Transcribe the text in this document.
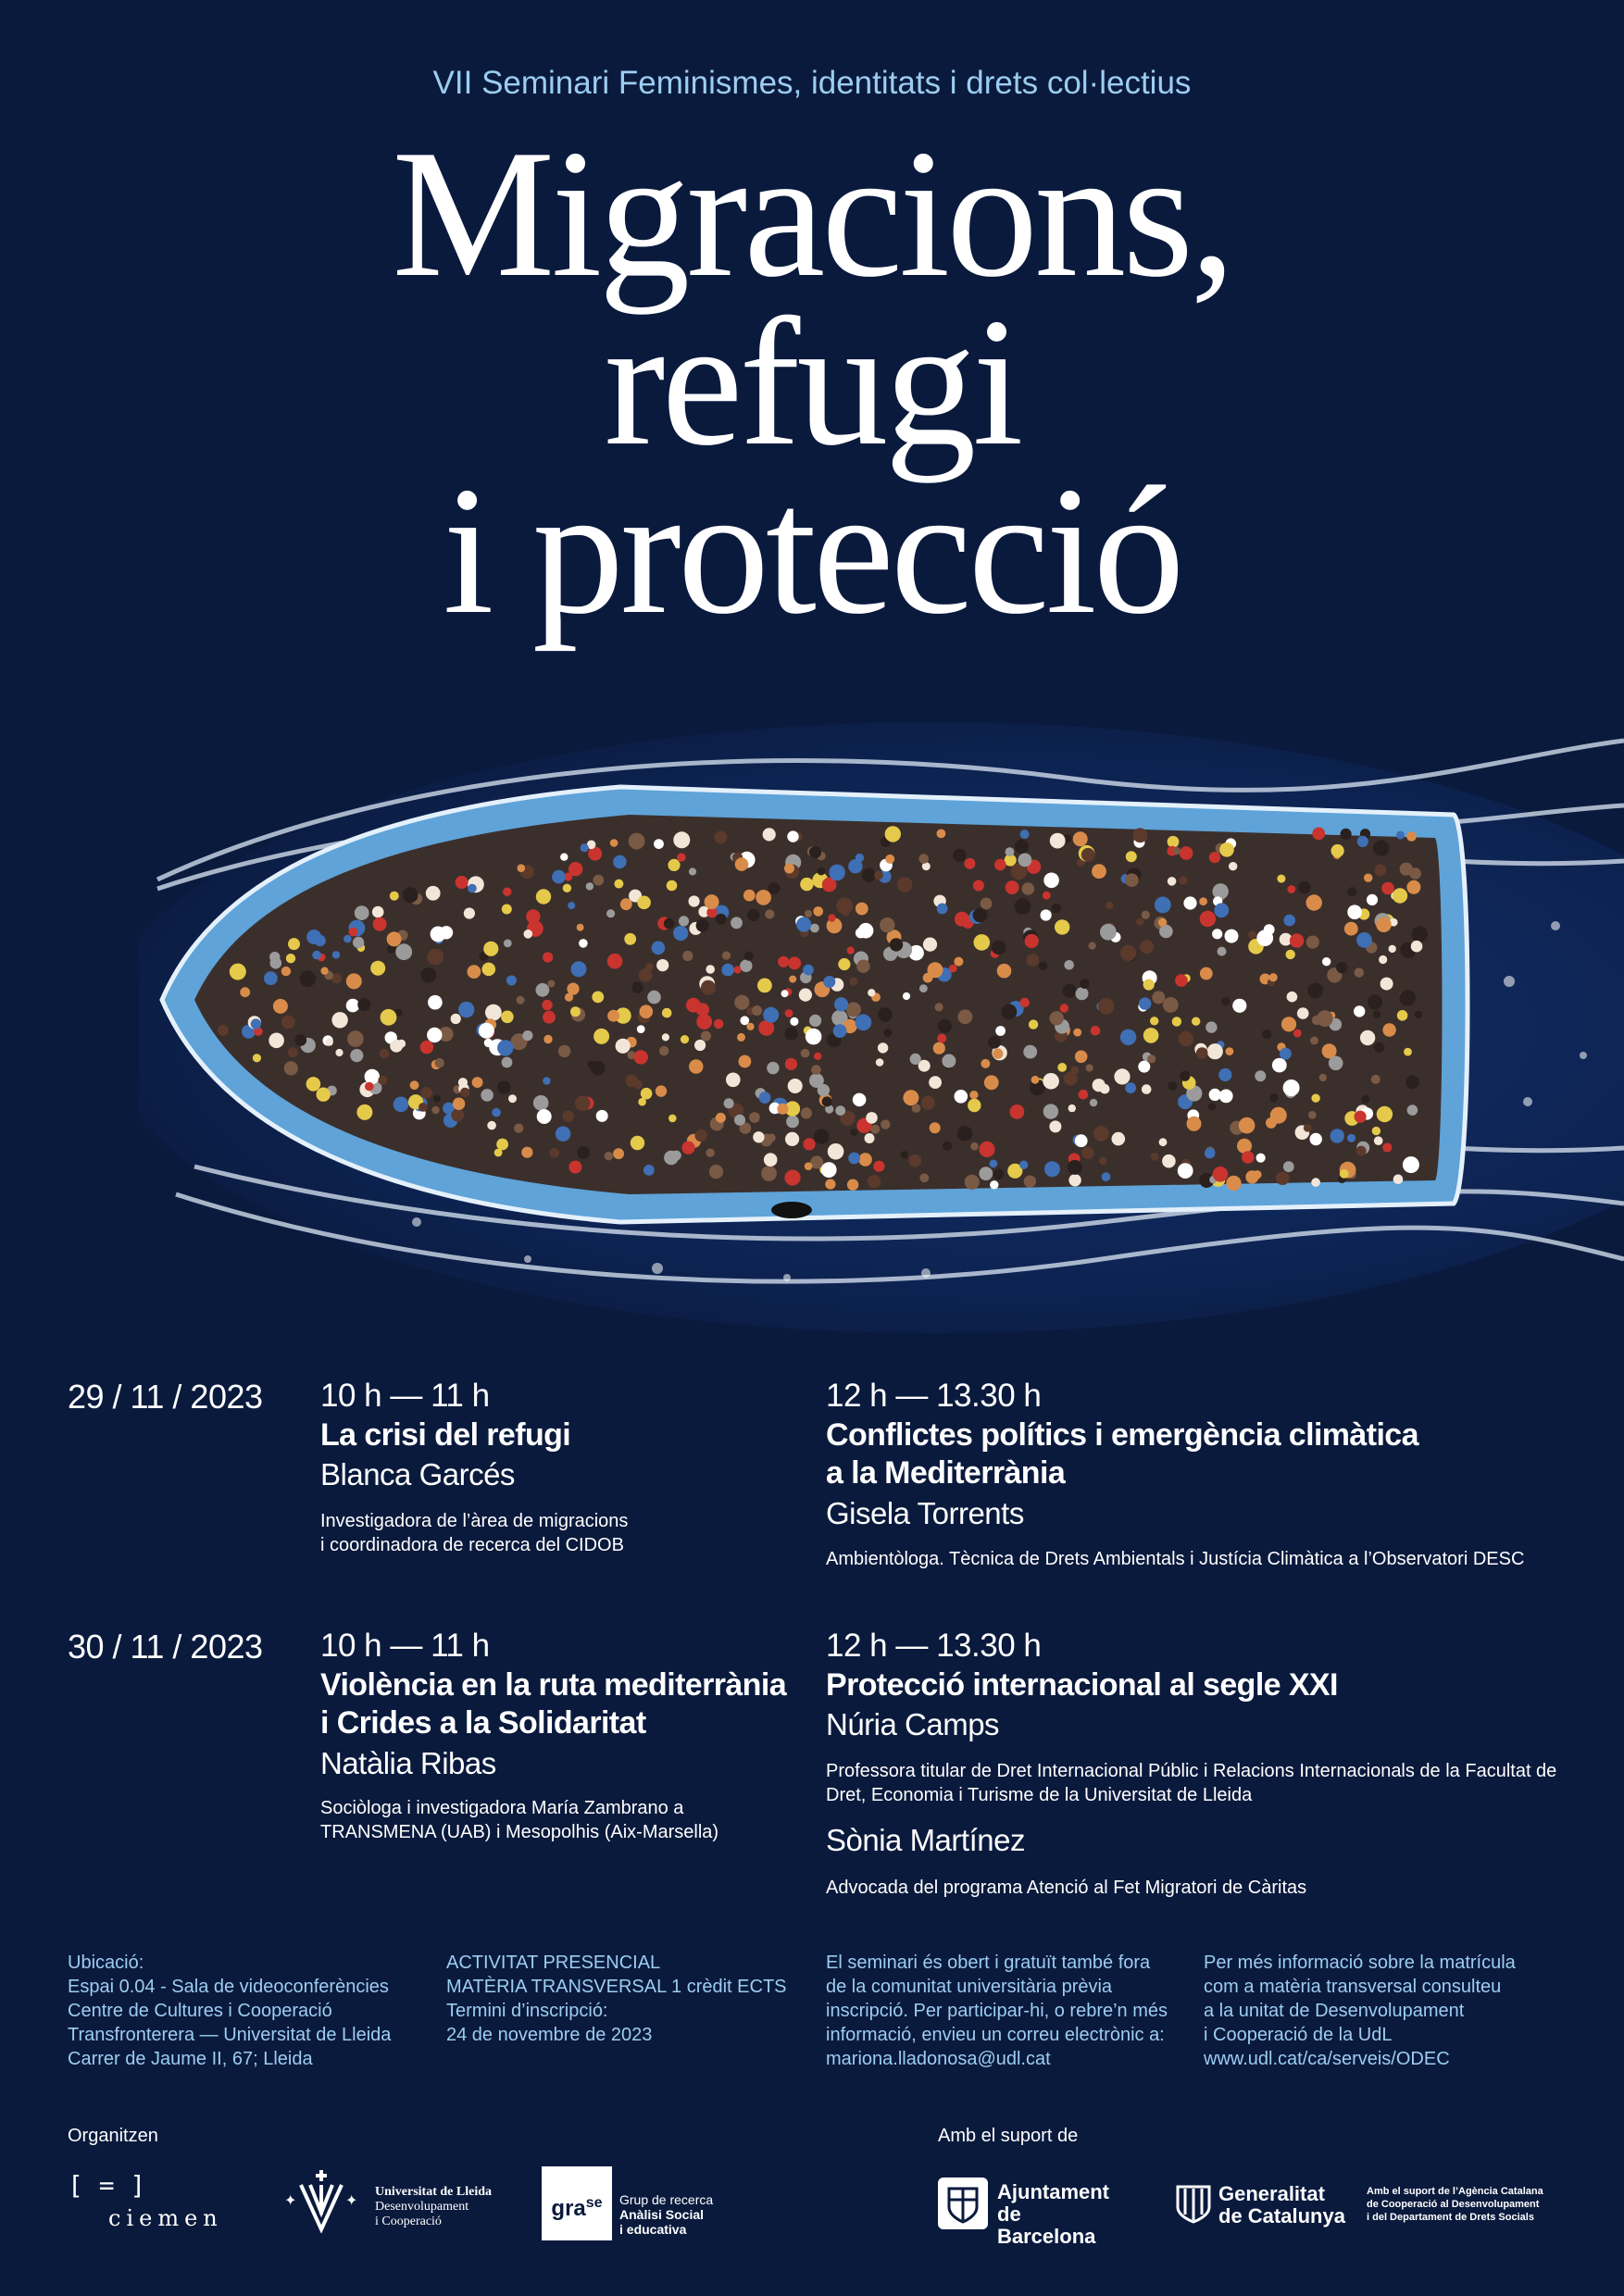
VII Seminari Feminismes, identitats i drets col·lectius
Migracions,
refugi
i protecció
29 / 11 / 2023 10 h — 11 h
La crisi del refugi
Blanca Garcés
Investigadora de l’àrea de migracions
i coordinadora de recerca del CIDOB
12 h — 13.30 h
Conflictes polítics i emergència climàtica
a la Mediterrània
Gisela Torrents
Ambientòloga. Tècnica de Drets Ambientals i Justícia Climàtica a l’Observatori DESC
30 / 11 / 2023 10 h — 11 h
Violència en la ruta mediterrània
i Crides a la Solidaritat
Natàlia Ribas
Sociòloga i investigadora María Zambrano a
TRANSMENA (UAB) i Mesopolhis (Aix-Marsella)
12 h — 13.30 h
Protecció internacional al segle XXI
Núria Camps
Professora titular de Dret Internacional Públic i Relacions Internacionals de la Facultat de
Dret, Economia i Turisme de la Universitat de Lleida
Sònia Martínez
Advocada del programa Atenció al Fet Migratori de Càritas
Ubicació:
Espai 0.04 - Sala de videoconferències
Centre de Cultures i Cooperació
Transfronterera — Universitat de Lleida
Carrer de Jaume II, 67; Lleida
ACTIVITAT PRESENCIAL
MATÈRIA TRANSVERSAL 1 crèdit ECTS
Termini d’inscripció:
24 de novembre de 2023
El seminari és obert i gratuït també fora
de la comunitat universitària prèvia
inscripció. Per participar-hi, o rebre’n més
informació, envieu un correu electrònic a:
mariona.lladonosa@udl.cat
Per més informació sobre la matrícula
com a matèria transversal consulteu
a la unitat de Desenvolupament
i Cooperació de la UdL
www.udl.cat/ca/serveis/ODEC
Organitzen	Amb el suport de
[ = ]
ciemen
✦	✦ Universitat de Lleida
Desenvolupament
i Cooperació
gra$^{se}$	Grup de recerca
Anàlisi Social
i educativa
Ajuntament
de Barcelona
Generalitat
de Catalunya
Amb el suport de l’Agència Catalana
de Cooperació al Desenvolupament
i del Departament de Drets Socials
